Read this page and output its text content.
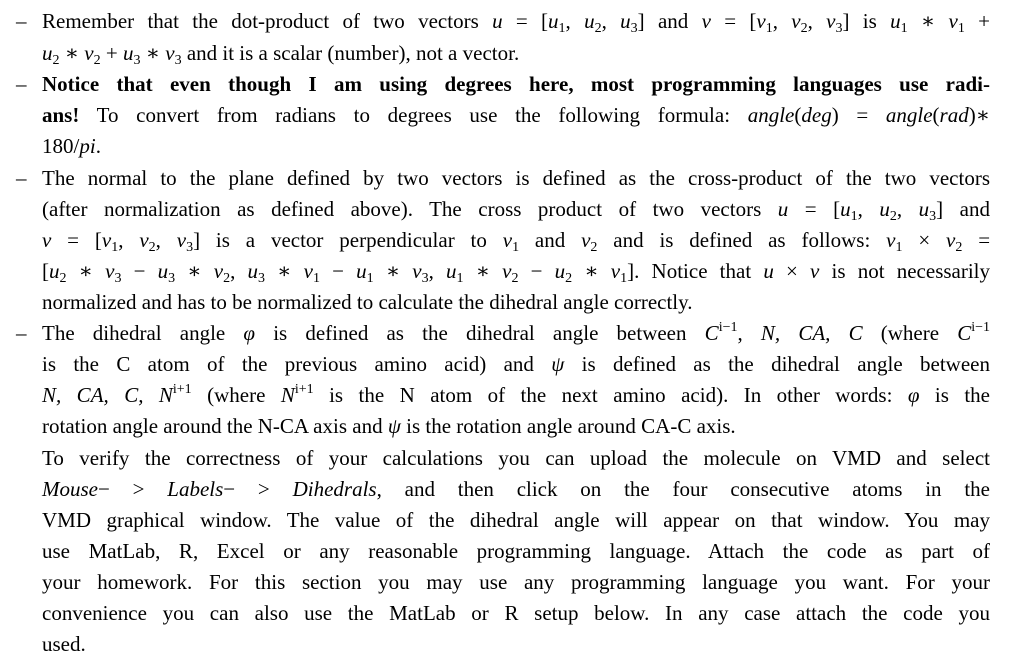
–
–
–
–
Remember that the dot-product of two vectors $u = [u_1$, $u_2$, $u_3$] and $v = [v_1$, $v_2$, $v_3$] is $u_1$ ∗ $v_1$ +
$u_2$ ∗ $v_2 + u_3$ ∗ $v_3$ and it is a scalar (number), not a vector.
Notice that even though I am using degrees here, most programming languages use radi-
ans! To convert from radians to degrees use the following formula: angle(deg) = angle(rad)∗
180/pi.
The normal to the plane defined by two vectors is defined as the cross-product of the two vectors
(after normalization as defined above). The cross product of two vectors $u = [u_1$, $u_2$, $u_3$] and
$v = [v_1$, $v_2$, $v_3$] is a vector perpendicular to $v_1$ and $v_2$ and is defined as follows: $v_1 \times v_2$ =
[$u_2$ ∗ $v_3 - u_3$ ∗ $v_2$, $u_3$ ∗ $v_1 - u_1$ ∗ $v_3$, $u_1$ ∗ $v_2 - u_2$ ∗ $v_1$]. Notice that u × v is not necessarily
normalized and has to be normalized to calculate the dihedral angle correctly.
The dihedral angle φ is defined as the dihedral angle between $C^{i-1}$, N, CA, C (where $C^{i-1}$
is the C atom of the previous amino acid) and ψ is defined as the dihedral angle between
N, CA, C, $N^{i+1}$ (where $N^{i+1}$ is the N atom of the next amino acid). In other words: φ is the
rotation angle around the N-CA axis and ψ is the rotation angle around CA-C axis.
To verify the correctness of your calculations you can upload the molecule on VMD and select
Mouse− > Labels− > Dihedrals, and then click on the four consecutive atoms in the
VMD graphical window. The value of the dihedral angle will appear on that window. You may
use MatLab, R, Excel or any reasonable programming language. Attach the code as part of
your homework. For this section you may use any programming language you want. For your
convenience you can also use the MatLab or R setup below. In any case attach the code you
used.
